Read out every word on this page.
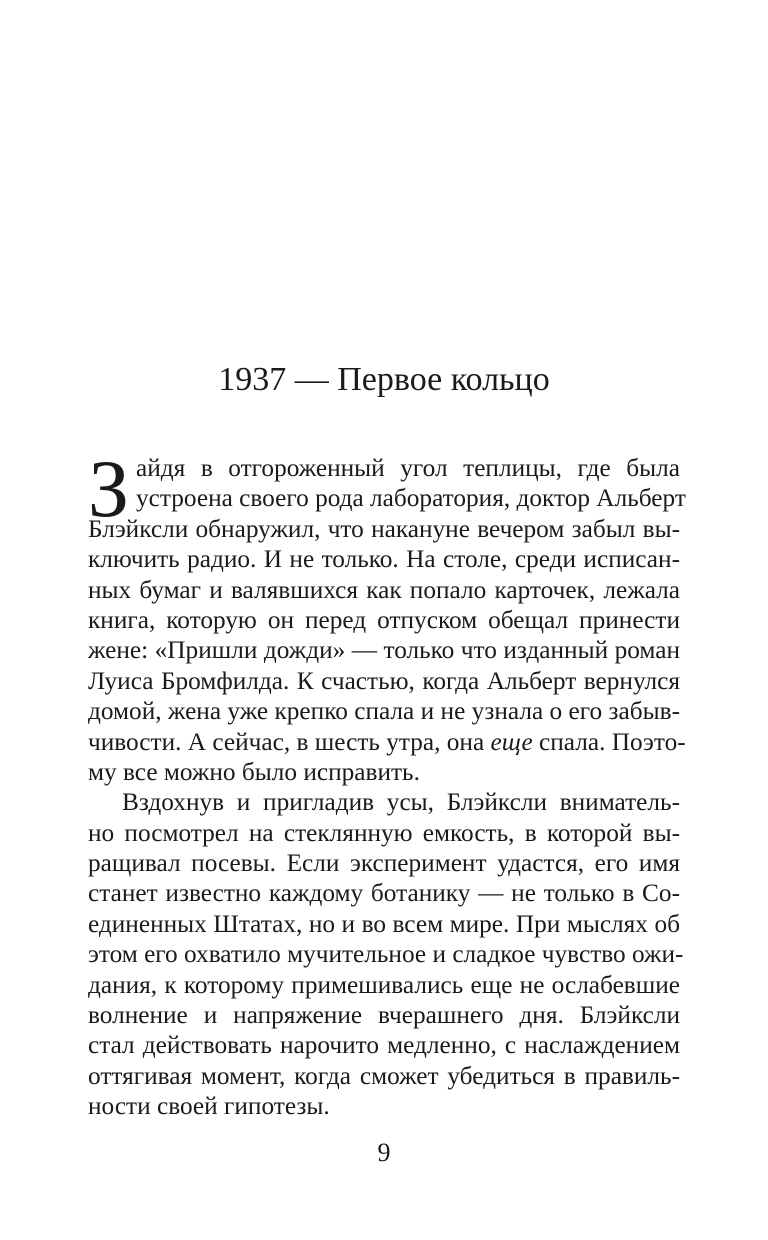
1937 — Первое кольцо
З айдя в отгороженный угол теплицы, где была
устроена своего рода лаборатория, доктор Альберт
Блэйксли обнаружил, что накануне вечером забыл вы-
ключить радио. И не только. На столе, среди исписан-
ных бумаг и валявшихся как попало карточек, лежала
книга, которую он перед отпуском обещал принести
жене: «Пришли дожди» — только что изданный роман
Луиса Бромфилда. К счастью, когда Альберт вернулся
домой, жена уже крепко спала и не узнала о его забыв-
чивости. А сейчас, в шесть утра, она еще спала. Поэто-
му все можно было исправить.
Вздохнув и пригладив усы, Блэйксли вниматель-
но посмотрел на стеклянную емкость, в которой вы-
ращивал посевы. Если эксперимент удастся, его имя
станет известно каждому ботанику — не только в Со-
единенных Штатах, но и во всем мире. При мыслях об
этом его охватило мучительное и сладкое чувство ожи-
дания, к которому примешивались еще не ослабевшие
волнение и напряжение вчерашнего дня. Блэйксли
стал действовать нарочито медленно, с наслаждением
оттягивая момент, когда сможет убедиться в правиль-
ности своей гипотезы.
9
